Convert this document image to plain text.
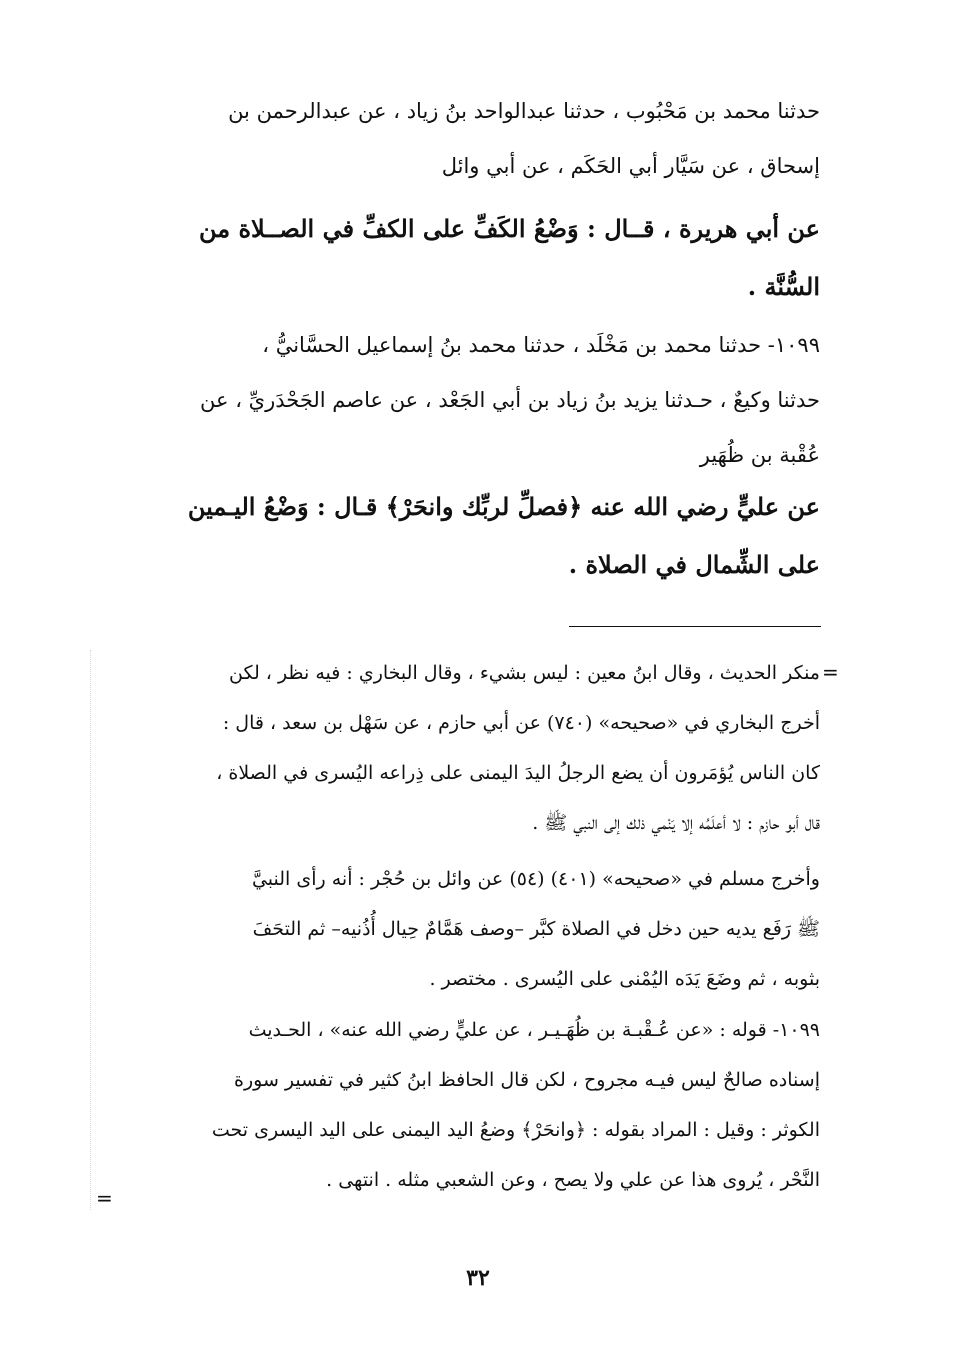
حدثنا محمد بن مَحْبُوب ، حدثنا عبدالواحد بنُ زياد ، عن عبدالرحمن بن
إسحاق ، عن سَيَّار أبي الحَكَم ، عن أبي وائل
عن أبي هريرة ، قــال : وَضْعُ الكَفِّ على الكفِّ في الصــلاة من
السُّنَّة .
١٠٩٩- حدثنا محمد بن مَخْلَد ، حدثنا محمد بنُ إسماعيل الحسَّانيُّ ،
حدثنا وكيعٌ ، حـدثنا يزيد بنُ زياد بن أبي الجَعْد ، عن عاصم الجَحْدَريِّ ، عن
عُقْبة بن ظُهَير
عن عليٍّ رضي الله عنه ﴿فصلِّ لربِّك وانحَرْ﴾ قـال : وَضْعُ اليـمين
على الشِّمال في الصلاة .
=
منكر الحديث ، وقال ابنُ معين : ليس بشيء ، وقال البخاري : فيه نظر ، لكن
أخرج البخاري في «صحيحه» (٧٤٠) عن أبي حازم ، عن سَهْل بن سعد ، قال :
كان الناس يُؤمَرون أن يضع الرجلُ اليدَ اليمنى على ذِراعه اليُسرى في الصلاة ،
قال أبو حازم : لا أعلَمُه إلا يَنْمي ذلك إلى النبي ﷺ .
وأخرج مسلم في «صحيحه» (٤٠١) (٥٤) عن وائل بن حُجْر : أنه رأى النبيَّ
ﷺ رَفَع يديه حين دخل في الصلاة كبَّر –وصف هَمَّامٌ حِيال أُذُنيه– ثم التحَفَ
بثوبه ، ثم وضَعَ يَدَه اليُمْنى على اليُسرى . مختصر .
١٠٩٩- قوله : «عن عُـقْبـة بن ظُهَـيـر ، عن عليٍّ رضي الله عنه» ، الحـديث
إسناده صالحٌ ليس فيـه مجروح ، لكن قال الحافظ ابنُ كثير في تفسير سورة
الكوثر : وقيل : المراد بقوله : ﴿وانحَرْ﴾ وضعُ اليد اليمنى على اليد اليسرى تحت
النَّحْر ، يُروى هذا عن علي ولا يصح ، وعن الشعبي مثله . انتهى .
=
٣٢
